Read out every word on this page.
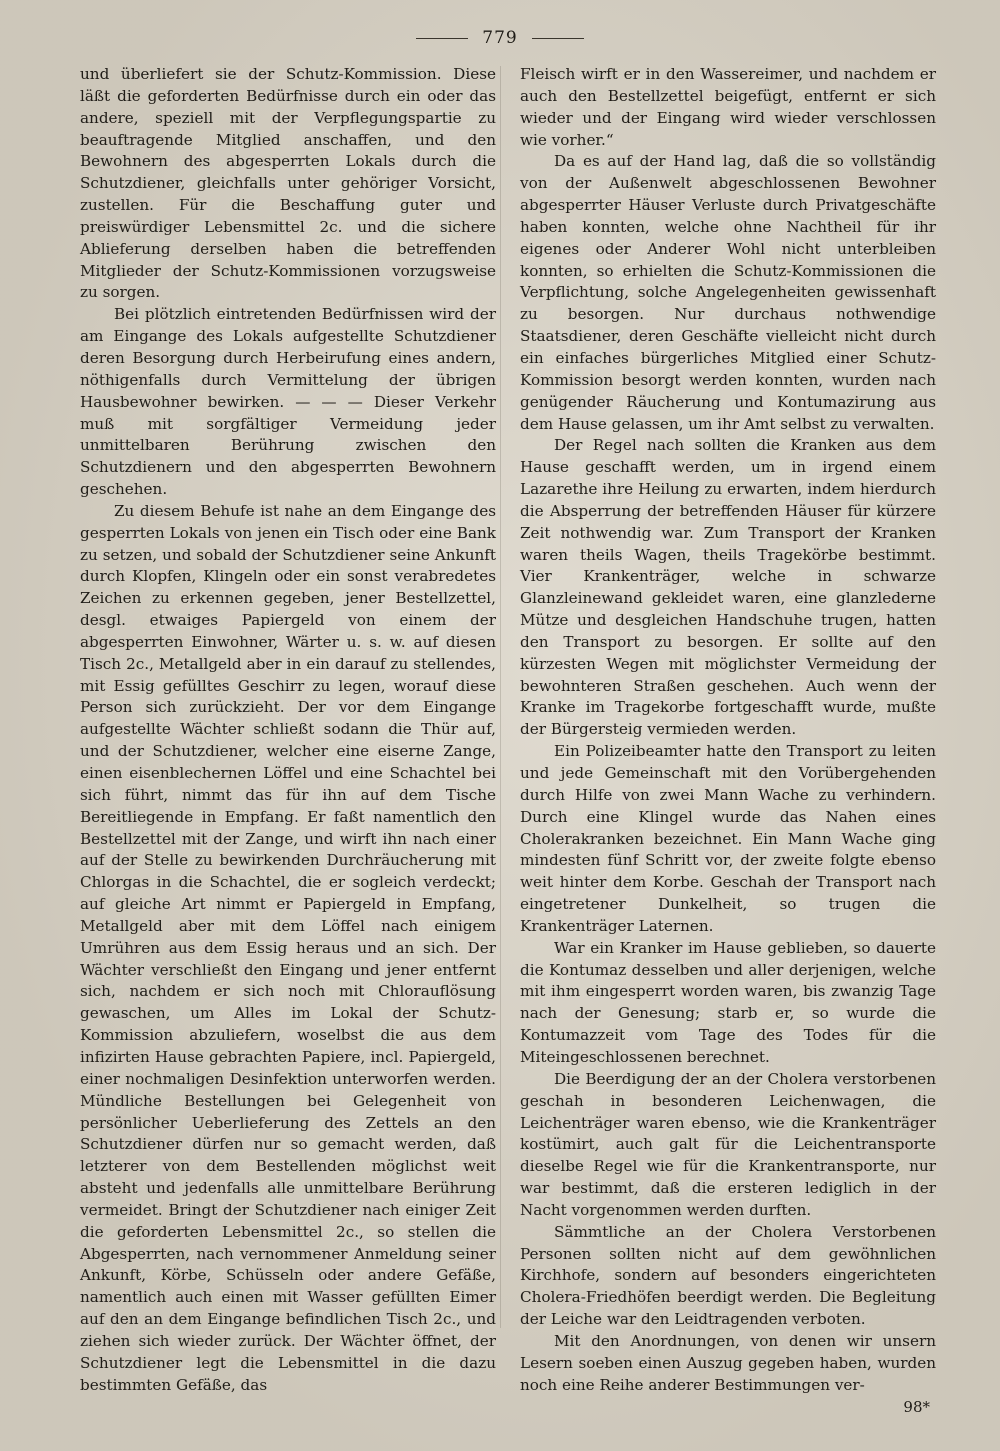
779

und überliefert sie der Schutz-Kommission. Diese läßt die geforderten Bedürfnisse durch ein oder das andere, speziell mit der Verpflegungspartie zu beauftragende Mitglied anschaffen, und den Bewohnern des abgesperrten Lokals durch die Schutzdiener, gleichfalls unter gehöriger Vorsicht, zustellen. Für die Beschaffung guter und preiswürdiger Lebensmittel 2c. und die sichere Ablieferung derselben haben die betreffenden Mitglieder der Schutz-Kommissionen vorzugsweise zu sorgen.

Bei plötzlich eintretenden Bedürfnissen wird der am Eingange des Lokals aufgestellte Schutzdiener deren Besorgung durch Herbeirufung eines andern, nöthigenfalls durch Vermittelung der übrigen Hausbewohner bewirken. — — — Dieser Verkehr muß mit sorgfältiger Vermeidung jeder unmittelbaren Berührung zwischen den Schutzdienern und den abgesperrten Bewohnern geschehen.

Zu diesem Behufe ist nahe an dem Eingange des gesperrten Lokals von jenen ein Tisch oder eine Bank zu setzen, und sobald der Schutzdiener seine Ankunft durch Klopfen, Klingeln oder ein sonst verabredetes Zeichen zu erkennen gegeben, jener Bestellzettel, desgl. etwaiges Papiergeld von einem der abgesperrten Einwohner, Wärter u. s. w. auf diesen Tisch 2c., Metallgeld aber in ein darauf zu stellendes, mit Essig gefülltes Geschirr zu legen, worauf diese Person sich zurückzieht. Der vor dem Eingange aufgestellte Wächter schließt sodann die Thür auf, und der Schutzdiener, welcher eine eiserne Zange, einen eisenblechernen Löffel und eine Schachtel bei sich führt, nimmt das für ihn auf dem Tische Bereitliegende in Empfang. Er faßt namentlich den Bestellzettel mit der Zange, und wirft ihn nach einer auf der Stelle zu bewirkenden Durchräucherung mit Chlorgas in die Schachtel, die er sogleich verdeckt; auf gleiche Art nimmt er Papiergeld in Empfang, Metallgeld aber mit dem Löffel nach einigem Umrühren aus dem Essig heraus und an sich. Der Wächter verschließt den Eingang und jener entfernt sich, nachdem er sich noch mit Chlorauflösung gewaschen, um Alles im Lokal der Schutz-Kommission abzuliefern, woselbst die aus dem infizirten Hause gebrachten Papiere, incl. Papiergeld, einer nochmaligen Desinfektion unterworfen werden. Mündliche Bestellungen bei Gelegenheit von persönlicher Ueberlieferung des Zettels an den Schutzdiener dürfen nur so gemacht werden, daß letzterer von dem Bestellenden möglichst weit absteht und jedenfalls alle unmittelbare Berührung vermeidet. Bringt der Schutzdiener nach einiger Zeit die geforderten Lebensmittel 2c., so stellen die Abgesperrten, nach vernommener Anmeldung seiner Ankunft, Körbe, Schüsseln oder andere Gefäße, namentlich auch einen mit Wasser gefüllten Eimer auf den an dem Eingange befindlichen Tisch 2c., und ziehen sich wieder zurück. Der Wächter öffnet, der Schutzdiener legt die Lebensmittel in die dazu bestimmten Gefäße, das

Fleisch wirft er in den Wassereimer, und nachdem er auch den Bestellzettel beigefügt, entfernt er sich wieder und der Eingang wird wieder verschlossen wie vorher.“

Da es auf der Hand lag, daß die so vollständig von der Außenwelt abgeschlossenen Bewohner abgesperrter Häuser Verluste durch Privatgeschäfte haben konnten, welche ohne Nachtheil für ihr eigenes oder Anderer Wohl nicht unterbleiben konnten, so erhielten die Schutz-Kommissionen die Verpflichtung, solche Angelegenheiten gewissenhaft zu besorgen. Nur durchaus nothwendige Staatsdiener, deren Geschäfte vielleicht nicht durch ein einfaches bürgerliches Mitglied einer Schutz-Kommission besorgt werden konnten, wurden nach genügender Räucherung und Kontumazirung aus dem Hause gelassen, um ihr Amt selbst zu verwalten.

Der Regel nach sollten die Kranken aus dem Hause geschafft werden, um in irgend einem Lazarethe ihre Heilung zu erwarten, indem hierdurch die Absperrung der betreffenden Häuser für kürzere Zeit nothwendig war. Zum Transport der Kranken waren theils Wagen, theils Tragekörbe bestimmt. Vier Krankenträger, welche in schwarze Glanzleinewand gekleidet waren, eine glanzlederne Mütze und desgleichen Handschuhe trugen, hatten den Transport zu besorgen. Er sollte auf den kürzesten Wegen mit möglichster Vermeidung der bewohnteren Straßen geschehen. Auch wenn der Kranke im Tragekorbe fortgeschafft wurde, mußte der Bürgersteig vermieden werden.

Ein Polizeibeamter hatte den Transport zu leiten und jede Gemeinschaft mit den Vorübergehenden durch Hilfe von zwei Mann Wache zu verhindern. Durch eine Klingel wurde das Nahen eines Cholerakranken bezeichnet. Ein Mann Wache ging mindesten fünf Schritt vor, der zweite folgte ebenso weit hinter dem Korbe. Geschah der Transport nach eingetretener Dunkelheit, so trugen die Krankenträger Laternen.

War ein Kranker im Hause geblieben, so dauerte die Kontumaz desselben und aller derjenigen, welche mit ihm eingesperrt worden waren, bis zwanzig Tage nach der Genesung; starb er, so wurde die Kontumazzeit vom Tage des Todes für die Miteingeschlossenen berechnet.

Die Beerdigung der an der Cholera verstorbenen geschah in besonderen Leichenwagen, die Leichenträger waren ebenso, wie die Krankenträger kostümirt, auch galt für die Leichentransporte dieselbe Regel wie für die Krankentransporte, nur war bestimmt, daß die ersteren lediglich in der Nacht vorgenommen werden durften.

Sämmtliche an der Cholera Verstorbenen Personen sollten nicht auf dem gewöhnlichen Kirchhofe, sondern auf besonders eingerichteten Cholera-Friedhöfen beerdigt werden. Die Begleitung der Leiche war den Leidtragenden verboten.

Mit den Anordnungen, von denen wir unsern Lesern soeben einen Auszug gegeben haben, wurden noch eine Reihe anderer Bestimmungen ver-

98*
